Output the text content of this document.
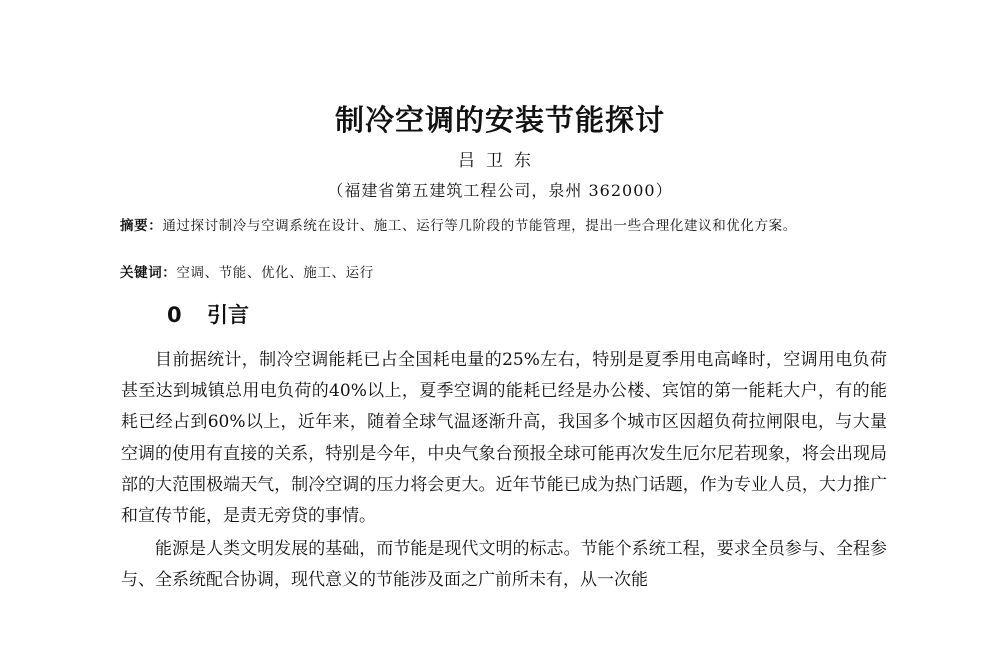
制冷空调的安装节能探讨
吕卫东
（福建省第五建筑工程公司，泉州 362000）
摘要：通过探讨制冷与空调系统在设计、施工、运行等几阶段的节能管理，提出一些合理化建议和优化方案。
关键词：空调、节能、优化、施工、运行
0 引言

目前据统计，制冷空调能耗已占全国耗电量的25%左右，特别是夏季用电高峰时，空调用电负荷甚至达到城镇总用电负荷的40%以上，夏季空调的能耗已经是办公楼、宾馆的第一能耗大户，有的能耗已经占到60%以上，近年来，随着全球气温逐渐升高，我国多个城市区因超负荷拉闸限电，与大量空调的使用有直接的关系，特别是今年，中央气象台预报全球可能再次发生厄尔尼若现象，将会出现局部的大范围极端天气，制冷空调的压力将会更大。近年节能已成为热门话题，作为专业人员，大力推广和宣传节能，是责无旁贷的事情。

能源是人类文明发展的基础，而节能是现代文明的标志。节能个系统工程，要求全员参与、全程参与、全系统配合协调，现代意义的节能涉及面之广前所未有，从一次能
